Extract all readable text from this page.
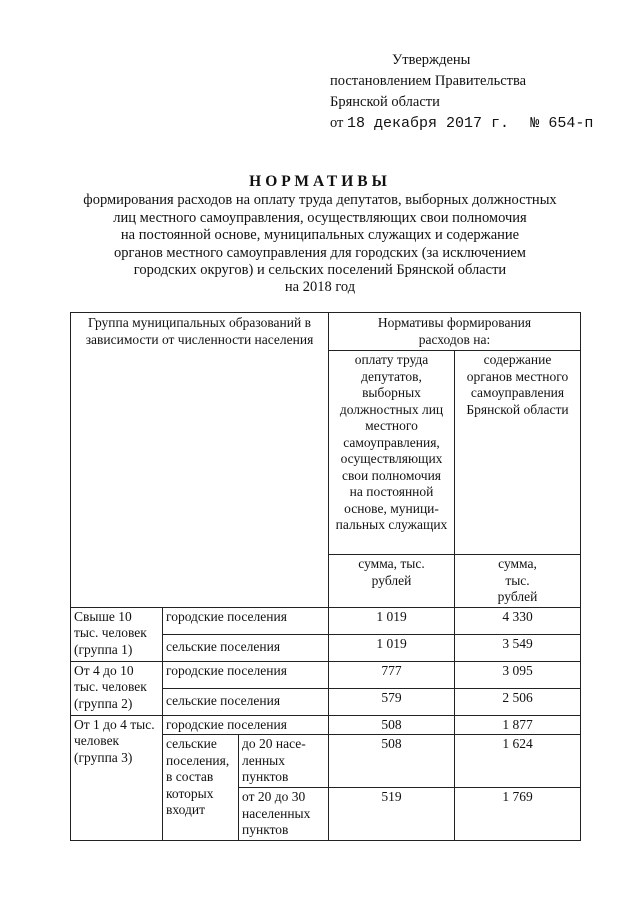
Утверждены
постановлением Правительства
Брянской области
от 18 декабря 2017 г. № 654-п
НОРМАТИВЫ
формирования расходов на оплату труда депутатов, выборных должностных
лиц местного самоуправления, осуществляющих свои полномочия
на постоянной основе, муниципальных служащих и содержание
органов местного самоуправления для городских (за исключением
городских округов) и сельских поселений Брянской области
на 2018 год
Группа муниципальных образований в зависимости от численности населения			Нормативы формирования расходов на:	
			оплату труда депутатов, выборных должностных лиц местного самоуправления, осуществляющих свои полномочия на постоянной основе, муници-пальных служащих	содержание органов местного самоуправления Брянской области
			сумма, тыс. рублей	сумма, тыс. рублей
Свыше 10 тыс. человек (группа 1)	городские поселения		1 019	4 330
	сельские поселения		1 019	3 549
От 4 до 10 тыс. человек (группа 2)	городские поселения		777	3 095
	сельские поселения		579	2 506
От 1 до 4 тыс. человек (группа 3)	городские поселения		508	1 877
	сельские поселения, в состав которых входит	до 20 насе-ленных пунктов	508	1 624
		от 20 до 30 населенных пунктов	519	1 769
